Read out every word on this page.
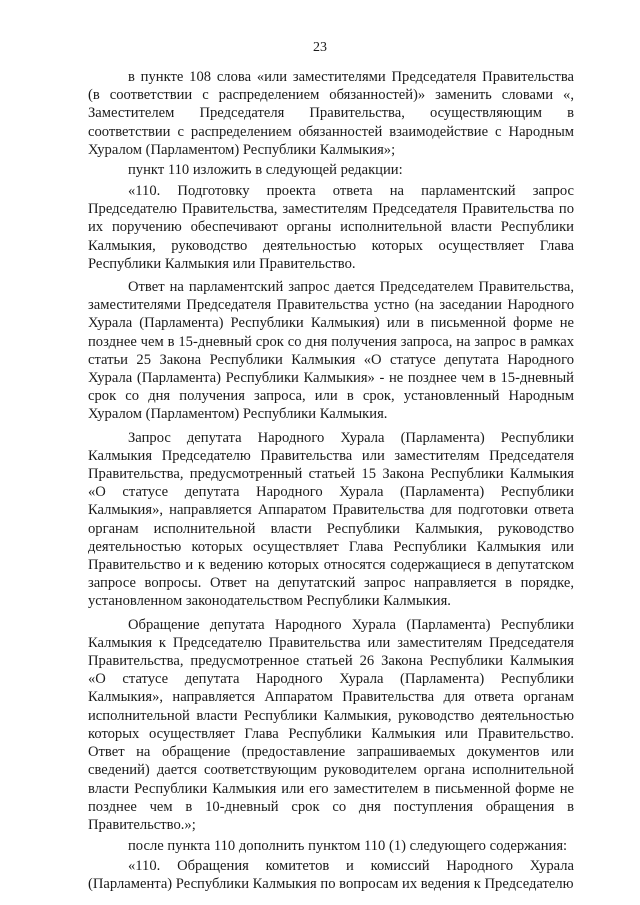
23

в пункте 108 слова «или заместителями Председателя Правительства (в соответствии с распределением обязанностей)» заменить словами «, Заместителем Председателя Правительства, осуществляющим в соответствии с распределением обязанностей взаимодействие с Народным Хуралом (Парламентом) Республики Калмыкия»;

пункт 110 изложить в следующей редакции:

«110. Подготовку проекта ответа на парламентский запрос Председателю Правительства, заместителям Председателя Правительства по их поручению обеспечивают органы исполнительной власти Республики Калмыкия, руководство деятельностью которых осуществляет Глава Республики Калмыкия или Правительство.

Ответ на парламентский запрос дается Председателем Правительства, заместителями Председателя Правительства устно (на заседании Народного Хурала (Парламента) Республики Калмыкия) или в письменной форме не позднее чем в 15-дневный срок со дня получения запроса, на запрос в рамках статьи 25 Закона Республики Калмыкия «О статусе депутата Народного Хурала (Парламента) Республики Калмыкия» - не позднее чем в 15-дневный срок со дня получения запроса, или в срок, установленный Народным Хуралом (Парламентом) Республики Калмыкия.

Запрос депутата Народного Хурала (Парламента) Республики Калмыкия Председателю Правительства или заместителям Председателя Правительства, предусмотренный статьей 15 Закона Республики Калмыкия «О статусе депутата Народного Хурала (Парламента) Республики Калмыкия», направляется Аппаратом Правительства для подготовки ответа органам исполнительной власти Республики Калмыкия, руководство деятельностью которых осуществляет Глава Республики Калмыкия или Правительство и к ведению которых относятся содержащиеся в депутатском запросе вопросы. Ответ на депутатский запрос направляется в порядке, установленном законодательством Республики Калмыкия.

Обращение депутата Народного Хурала (Парламента) Республики Калмыкия к Председателю Правительства или заместителям Председателя Правительства, предусмотренное статьей 26 Закона Республики Калмыкия «О статусе депутата Народного Хурала (Парламента) Республики Калмыкия», направляется Аппаратом Правительства для ответа органам исполнительной власти Республики Калмыкия, руководство деятельностью которых осуществляет Глава Республики Калмыкия или Правительство. Ответ на обращение (предоставление запрашиваемых документов или сведений) дается соответствующим руководителем органа исполнительной власти Республики Калмыкия или его заместителем в письменной форме не позднее чем в 10-дневный срок со дня поступления обращения в Правительство.»;

после пункта 110 дополнить пунктом 110 (1) следующего содержания:

«110. Обращения комитетов и комиссий Народного Хурала (Парламента) Республики Калмыкия по вопросам их ведения к Председателю
